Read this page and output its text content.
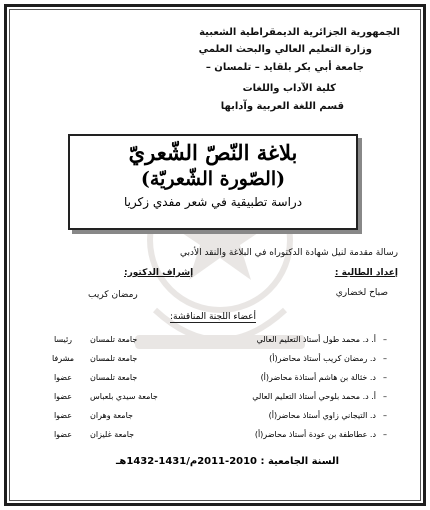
الجمهورية الجزائرية الديمقراطية الشعبية
وزارة التعليم العالي والبحث العلمي
جامعة أبي بكر بلقايد – تلمسان –
كلية الآداب واللغات
قسم اللغة العربية وآدابها
بلاغة النّصّ الشّعريّ
(الصّورة الشّعريّة)
دراسة تطبيقية في شعر مفدي زكريا
رسالة مقدمة لنيل شهادة الدكتوراه في البلاغة والنقد الأدبي
إعداد الطالبة :
صباح لخضاري
إشراف الدكتور:
رمضان كريب
أعضاء اللجنة المناقشة:
–
أ. د. محمد طول أستاذ التعليم العالي
جامعة تلمسان
رئيسا
–
د. رمضان كريب أستاذ محاضر(أ)
جامعة تلمسان
مشرفا
–
د. خثالة بن هاشم أستاذة محاضر(أ)
جامعة تلمسان
عضوا
–
أ. د. محمد بلوحي أستاذ التعليم العالي
جامعة سيدي بلعباس
عضوا
–
د. التيجاني زاوي أستاذ محاضر(أ)
جامعة وهران
عضوا
–
د. عطاطفة بن عودة أستاذ محاضر(أ)
جامعة غليزان
عضوا
السنة الجامعية : 2010-2011م/1431-1432هـ
